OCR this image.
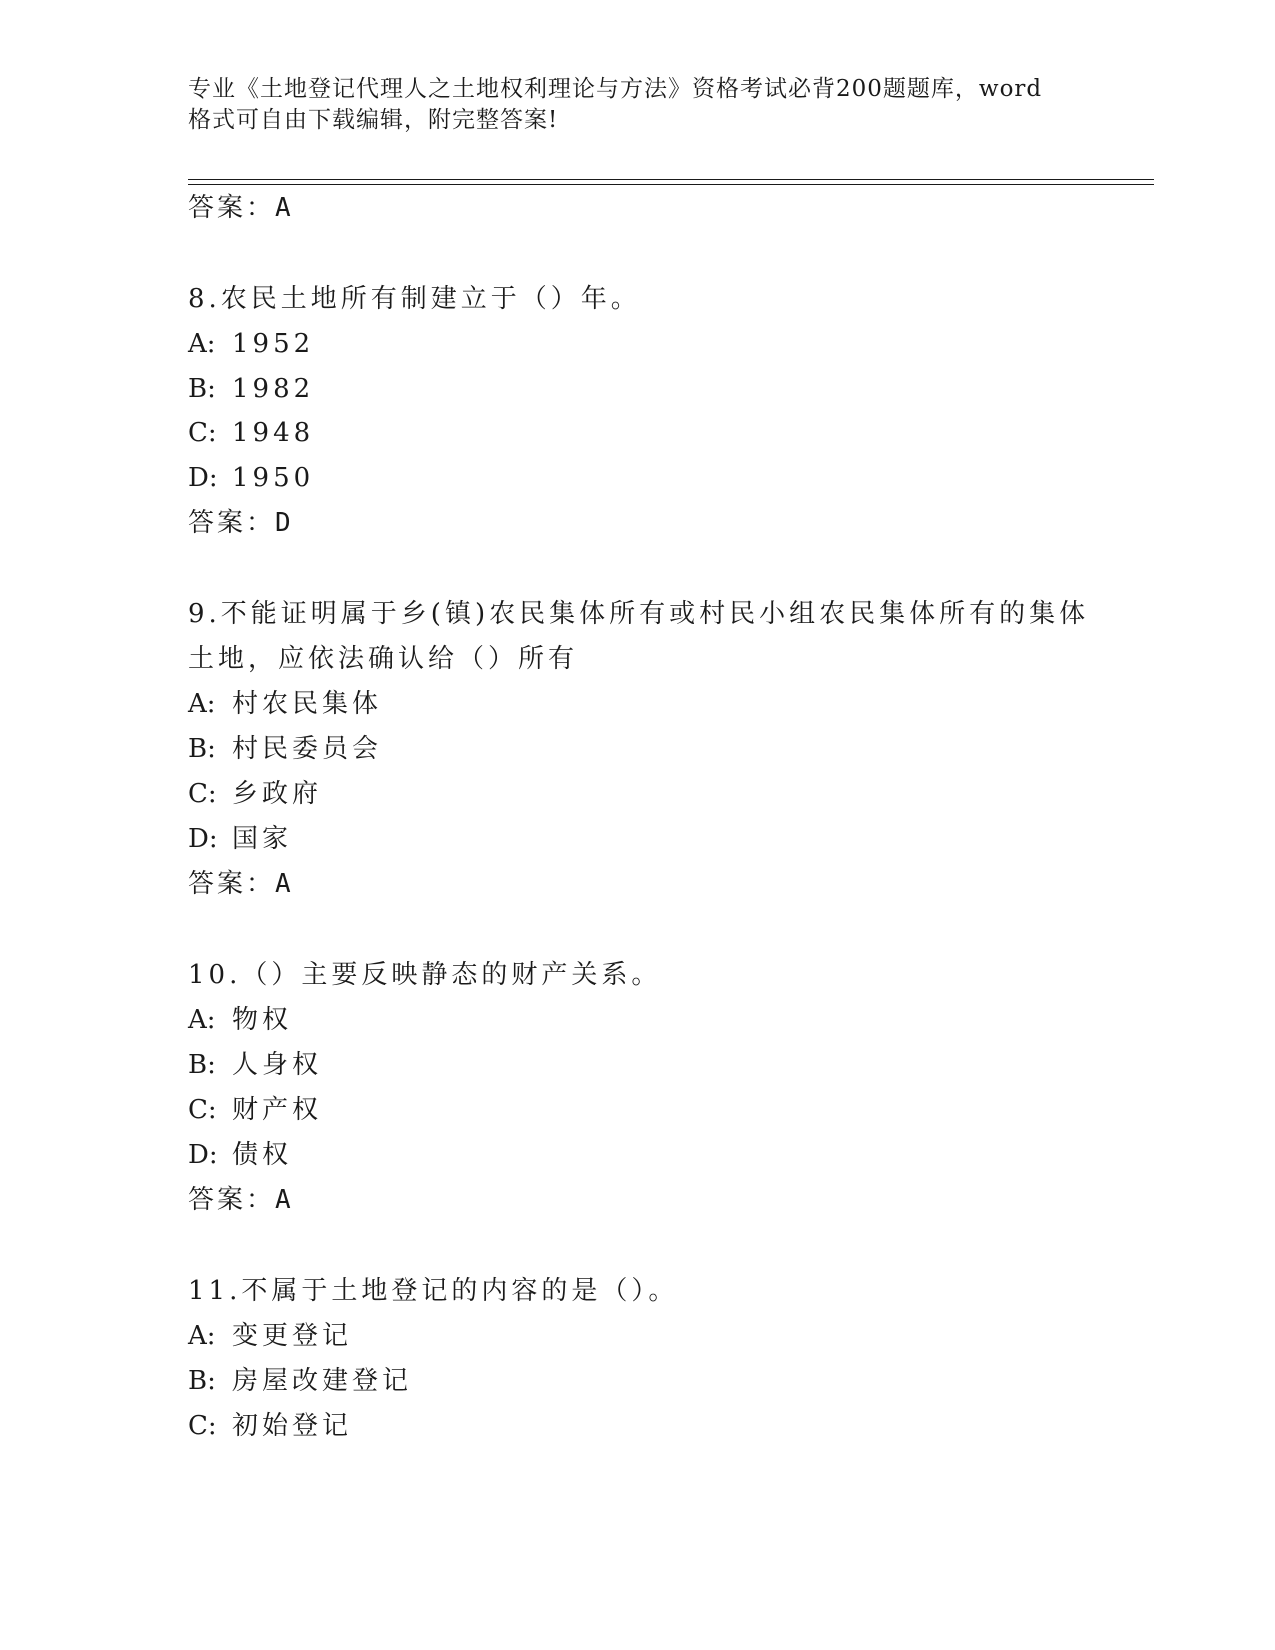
专业《土地登记代理人之土地权利理论与方法》资格考试必背200题题库，word
格式可自由下载编辑，附完整答案!
答案：A
8.农民土地所有制建立于（）年。
A: 1952
B: 1982
C: 1948
D: 1950
答案：D
9.不能证明属于乡(镇)农民集体所有或村民小组农民集体所有的集体
土地，应依法确认给（）所有
A: 村农民集体
B: 村民委员会
C: 乡政府
D: 国家
答案：A
10.（）主要反映静态的财产关系。
A: 物权
B: 人身权
C: 财产权
D: 债权
答案：A
11.不属于土地登记的内容的是（）。
A: 变更登记
B: 房屋改建登记
C: 初始登记
